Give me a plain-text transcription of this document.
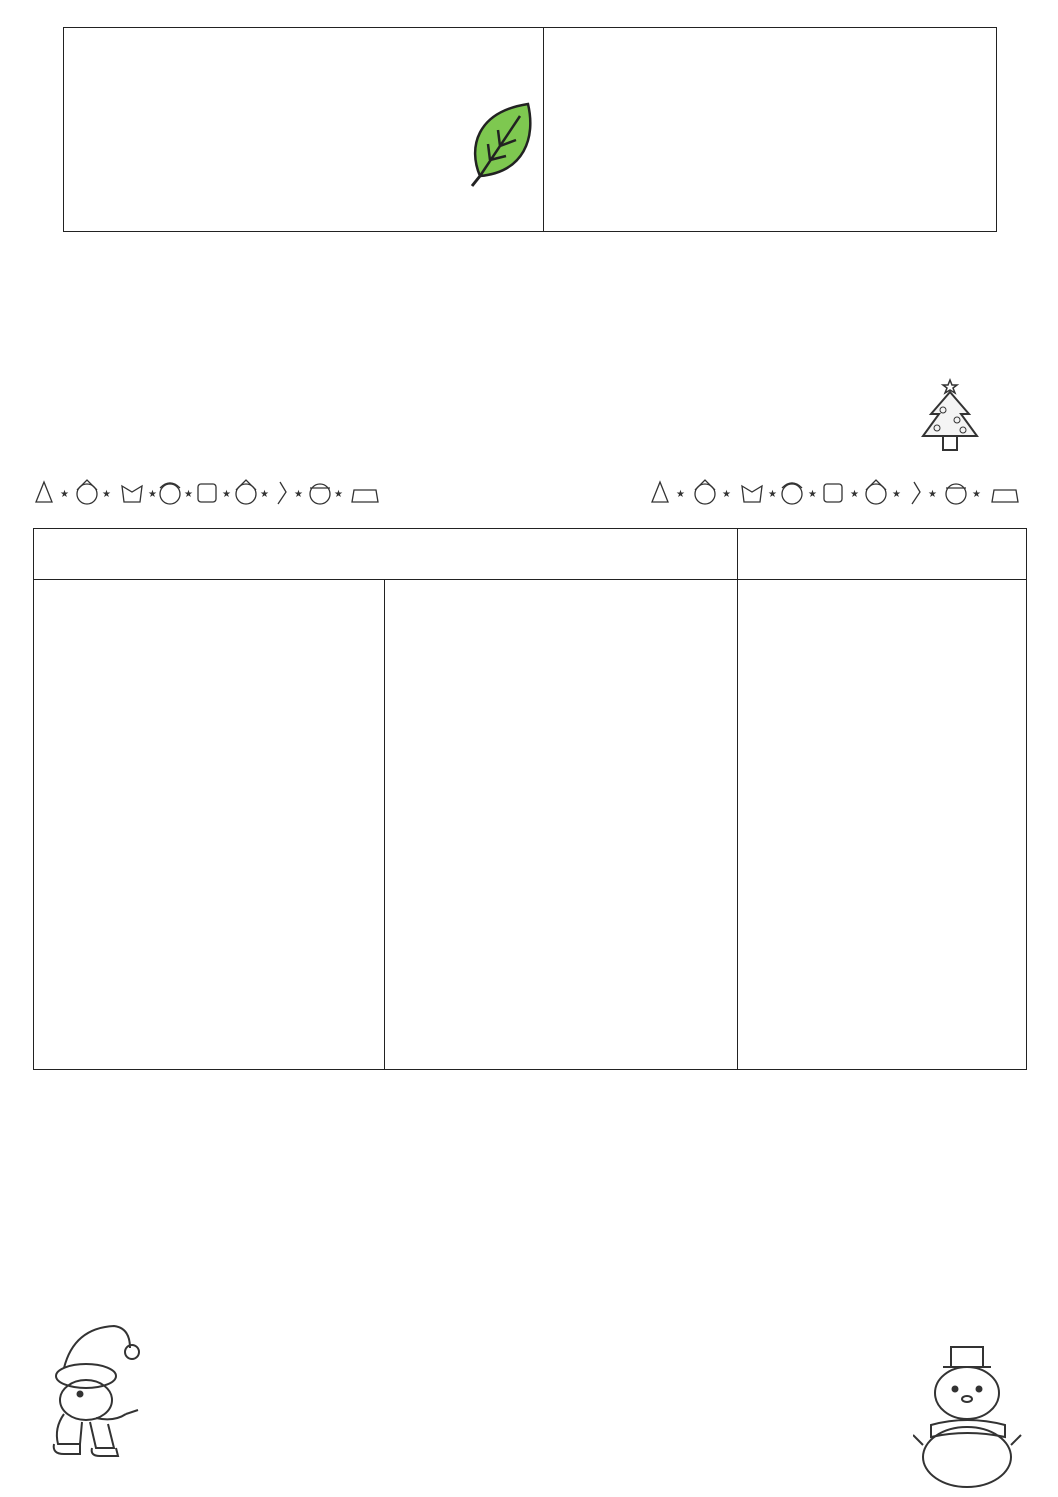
★	★	★	★	★	★	★	★	★	★	★	★	★	★	★	★
